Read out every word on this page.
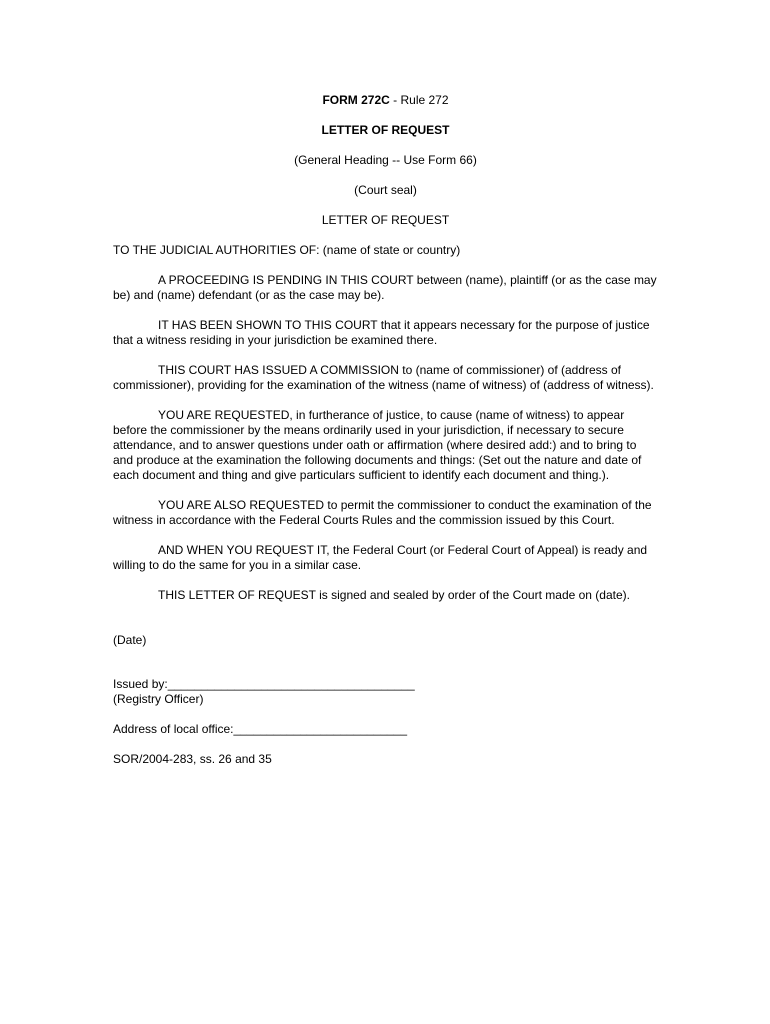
FORM 272C - Rule 272
LETTER OF REQUEST
(General Heading -- Use Form 66)
(Court seal)
LETTER OF REQUEST
TO THE JUDICIAL AUTHORITIES OF: (name of state or country)
A PROCEEDING IS PENDING IN THIS COURT between (name), plaintiff (or as the case may be) and (name) defendant (or as the case may be).
IT HAS BEEN SHOWN TO THIS COURT that it appears necessary for the purpose of justice that a witness residing in your jurisdiction be examined there.
THIS COURT HAS ISSUED A COMMISSION to (name of commissioner) of (address of commissioner), providing for the examination of the witness (name of witness) of (address of witness).
YOU ARE REQUESTED, in furtherance of justice, to cause (name of witness) to appear before the commissioner by the means ordinarily used in your jurisdiction, if necessary to secure attendance, and to answer questions under oath or affirmation (where desired add:) and to bring to and produce at the examination the following documents and things: (Set out the nature and date of each document and thing and give particulars sufficient to identify each document and thing.).
YOU ARE ALSO REQUESTED to permit the commissioner to conduct the examination of the witness in accordance with the Federal Courts Rules and the commission issued by this Court.
AND WHEN YOU REQUEST IT, the Federal Court (or Federal Court of Appeal) is ready and willing to do the same for you in a similar case.
THIS LETTER OF REQUEST is signed and sealed by order of the Court made on (date).
(Date)
Issued by:_____________________________________
(Registry Officer)
Address of local office:__________________________
SOR/2004-283, ss. 26 and 35
